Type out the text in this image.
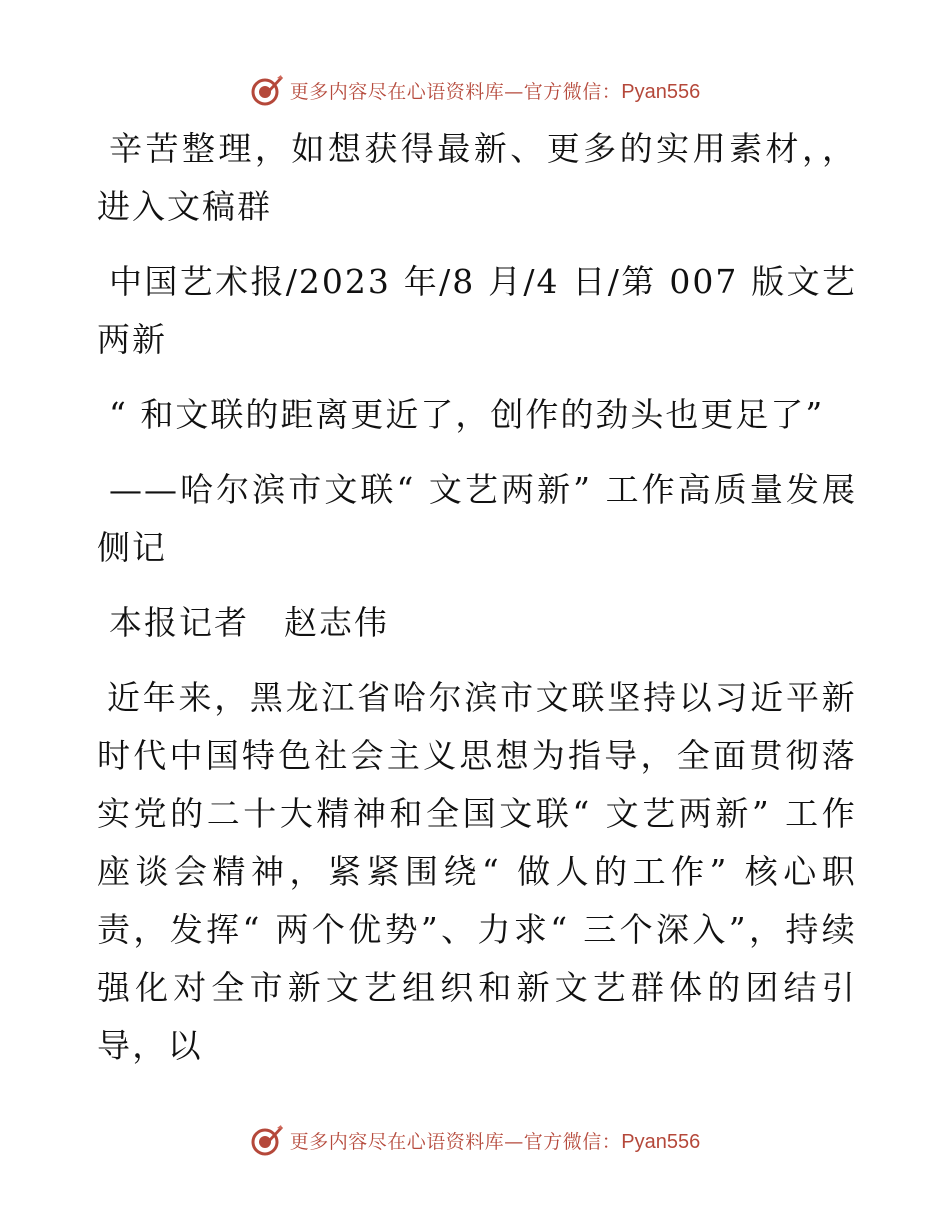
更多内容尽在心语资料库—官方微信：Pyan556

辛苦整理，如想获得最新、更多的实用素材，，进入文稿群

中国艺术报/2023 年/8 月/4 日/第 007 版文艺两新

“ 和文联的距离更近了，创作的劲头也更足了”

——哈尔滨市文联“ 文艺两新” 工作高质量发展侧记

本报记者　赵志伟

近年来，黑龙江省哈尔滨市文联坚持以习近平新时代中国特色社会主义思想为指导，全面贯彻落实党的二十大精神和全国文联“ 文艺两新” 工作座谈会精神，紧紧围绕“ 做人的工作” 核心职责，发挥“ 两个优势”、力求“ 三个深入”，持续强化对全市新文艺组织和新文艺群体的团结引导，以

更多内容尽在心语资料库—官方微信：Pyan556
